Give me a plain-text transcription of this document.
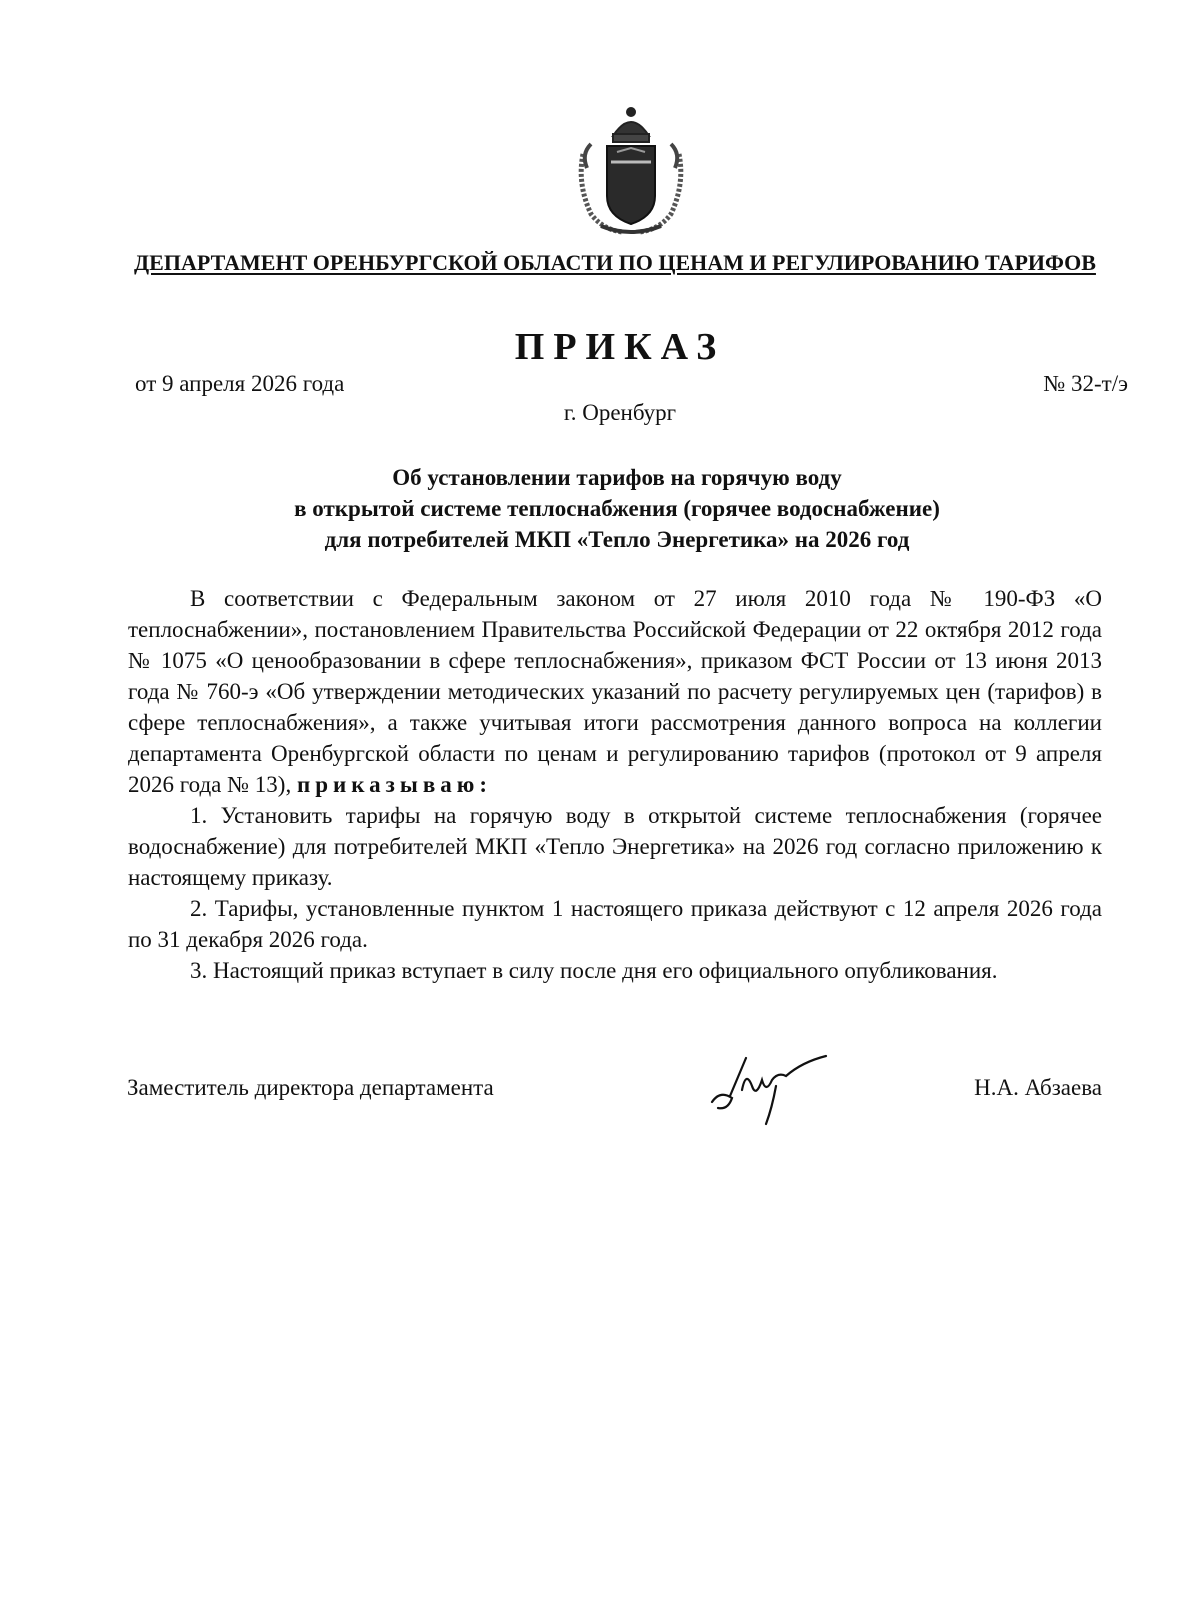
ДЕПАРТАМЕНТ ОРЕНБУРГСКОЙ ОБЛАСТИ ПО ЦЕНАМ И РЕГУЛИРОВАНИЮ ТАРИФОВ
ПРИКАЗ
от 9 апреля 2026 года	№ 32-т/э
г. Оренбург
Об установлении тарифов на горячую воду
в открытой системе теплоснабжения (горячее водоснабжение)
для потребителей МКП «Тепло Энергетика» на 2026 год

В соответствии с Федеральным законом от 27 июля 2010 года № 190-ФЗ «О теплоснабжении», постановлением Правительства Российской Федерации от 22 октября 2012 года № 1075 «О ценообразовании в сфере теплоснабжения», приказом ФСТ России от 13 июня 2013 года № 760-э «Об утверждении методических указаний по расчету регулируемых цен (тарифов) в сфере теплоснабжения», а также учитывая итоги рассмотрения данного вопроса на коллегии департамента Оренбургской области по ценам и регулированию тарифов (протокол от 9 апреля 2026 года № 13), приказываю:

1. Установить тарифы на горячую воду в открытой системе теплоснабжения (горячее водоснабжение) для потребителей МКП «Тепло Энергетика» на 2026 год согласно приложению к настоящему приказу.

2. Тарифы, установленные пунктом 1 настоящего приказа действуют с 12 апреля 2026 года по 31 декабря 2026 года.

3. Настоящий приказ вступает в силу после дня его официального опубликования.

Заместитель директора департамента	Н.А. Абзаева
